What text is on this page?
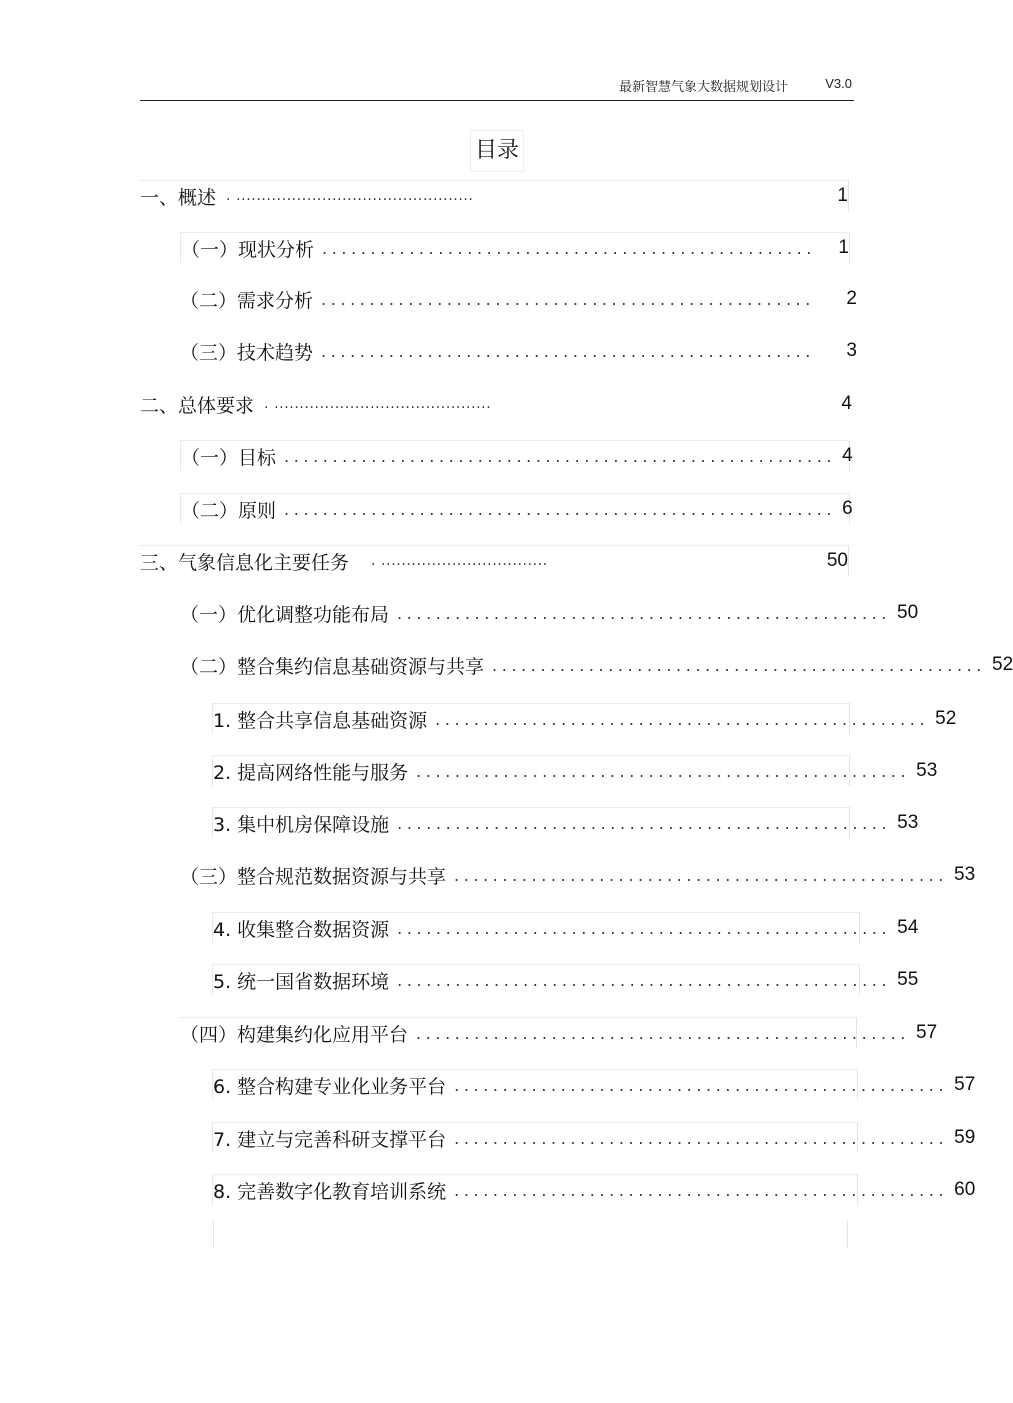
最新智慧气象大数据规划设计	V3.0
目录
一、概述 . ...............................................	1
（一）现状分析 ...................................................	1
（二）需求分析 ...................................................	2
（三）技术趋势 ...................................................	3
二、总体要求 . ...........................................	4
（一）目标 ......................................................... 4
（二）原则 ......................................................... 6
三、气象信息化主要任务 . .................................	50
（一）优化调整功能布局 ................................................... 50
（二）整合集约信息基础资源与共享 ................................................... 52
1. 整合共享信息基础资源 ................................................... 52
2. 提高网络性能与服务 ................................................... 53
3. 集中机房保障设施 ................................................... 53
（三）整合规范数据资源与共享 ................................................... 53
4. 收集整合数据资源 ................................................... 54
5. 统一国省数据环境 ................................................... 55
（四）构建集约化应用平台 ................................................... 57
6. 整合构建专业化业务平台 ................................................... 57
7. 建立与完善科研支撑平台 ................................................... 59
8. 完善数字化教育培训系统 ................................................... 60
